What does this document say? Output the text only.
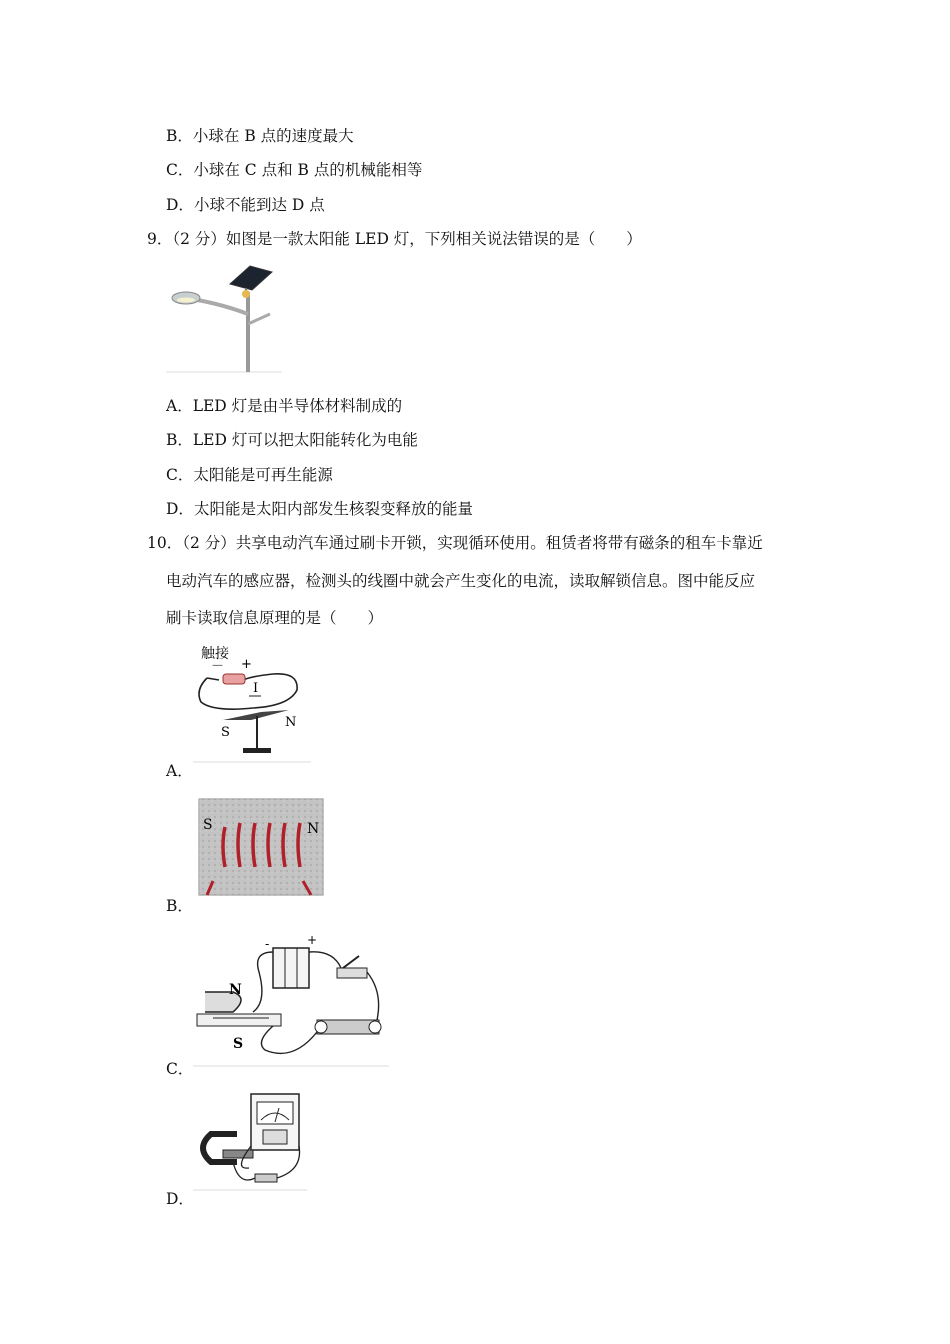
B．小球在 B 点的速度最大
C．小球在 C 点和 B 点的机械能相等
D．小球不能到达 D 点
9．（2 分）如图是一款太阳能 LED 灯，下列相关说法错误的是（　　）
A．LED 灯是由半导体材料制成的
B．LED 灯可以把太阳能转化为电能
C．太阳能是可再生能源
D．太阳能是太阳内部发生核裂变释放的能量
10．（2 分）共享电动汽车通过刷卡开锁，实现循环使用。租赁者将带有磁条的租车卡靠近
电动汽车的感应器，检测头的线圈中就会产生变化的电流，读取解锁信息。图中能反应
刷卡读取信息原理的是（　　）
触接
－ +
I
S
N
A．
S	N
B．
-	+
N
S
C．
D．
